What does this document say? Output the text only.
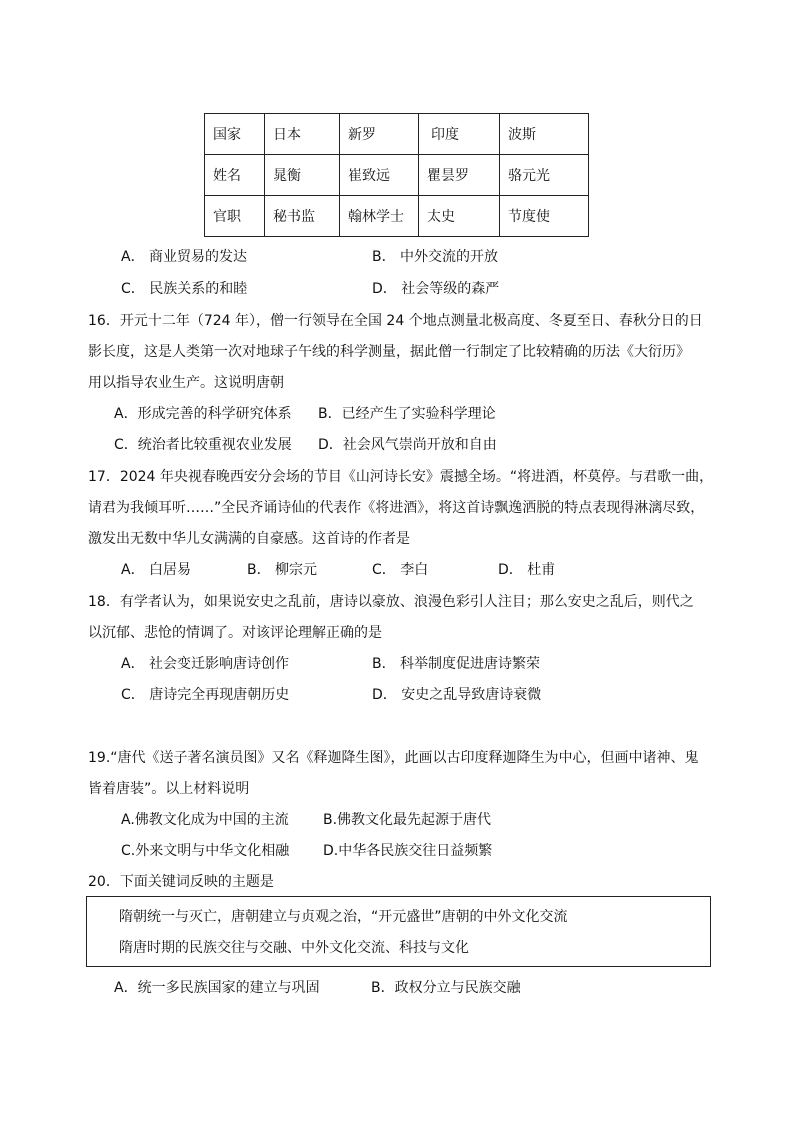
国家	日本	新罗	印度	波斯
姓名	晁衡	崔致远	瞿昙罗	骆元光
官职	秘书监	翰林学士	太史	节度使
A． 商业贸易的发达	B． 中外交流的开放
C． 民族关系的和睦	D． 社会等级的森严
16．开元十二年（724 年），僧一行领导在全国 24 个地点测量北极高度、冬夏至日、春秋分日的日
影长度，这是人类第一次对地球子午线的科学测量，据此僧一行制定了比较精确的历法《大衍历》
用以指导农业生产。这说明唐朝
A．形成完善的科学研究体系 B．已经产生了实验科学理论
C．统治者比较重视农业发展 D．社会风气崇尚开放和自由
17．2024 年央视春晚西安分会场的节目《山河诗长安》震撼全场。“将进酒，杯莫停。与君歌一曲，
请君为我倾耳听……”全民齐诵诗仙的代表作《将进酒》，将这首诗飘逸洒脱的特点表现得淋漓尽致，
激发出无数中华儿女满满的自豪感。这首诗的作者是
A． 白居易	B． 柳宗元	C． 李白	D． 杜甫
18．有学者认为，如果说安史之乱前，唐诗以豪放、浪漫色彩引人注目；那么安史之乱后，则代之
以沉郁、悲怆的情调了。对该评论理解正确的是
A． 社会变迁影响唐诗创作	B． 科举制度促进唐诗繁荣
C． 唐诗完全再现唐朝历史	D． 安史之乱导致唐诗衰微
19.“唐代《送子著名演员图》又名《释迦降生图》，此画以古印度释迦降生为中心，但画中诸神、鬼
皆着唐装”。以上材料说明
A.佛教文化成为中国的主流 B.佛教文化最先起源于唐代
C.外来文明与中华文化相融 D.中华各民族交往日益频繁
20．下面关键词反映的主题是
隋朝统一与灭亡，唐朝建立与贞观之治，“开元盛世”唐朝的中外文化交流
隋唐时期的民族交往与交融、中外文化交流、科技与文化
A．统一多民族国家的建立与巩固	B．政权分立与民族交融
